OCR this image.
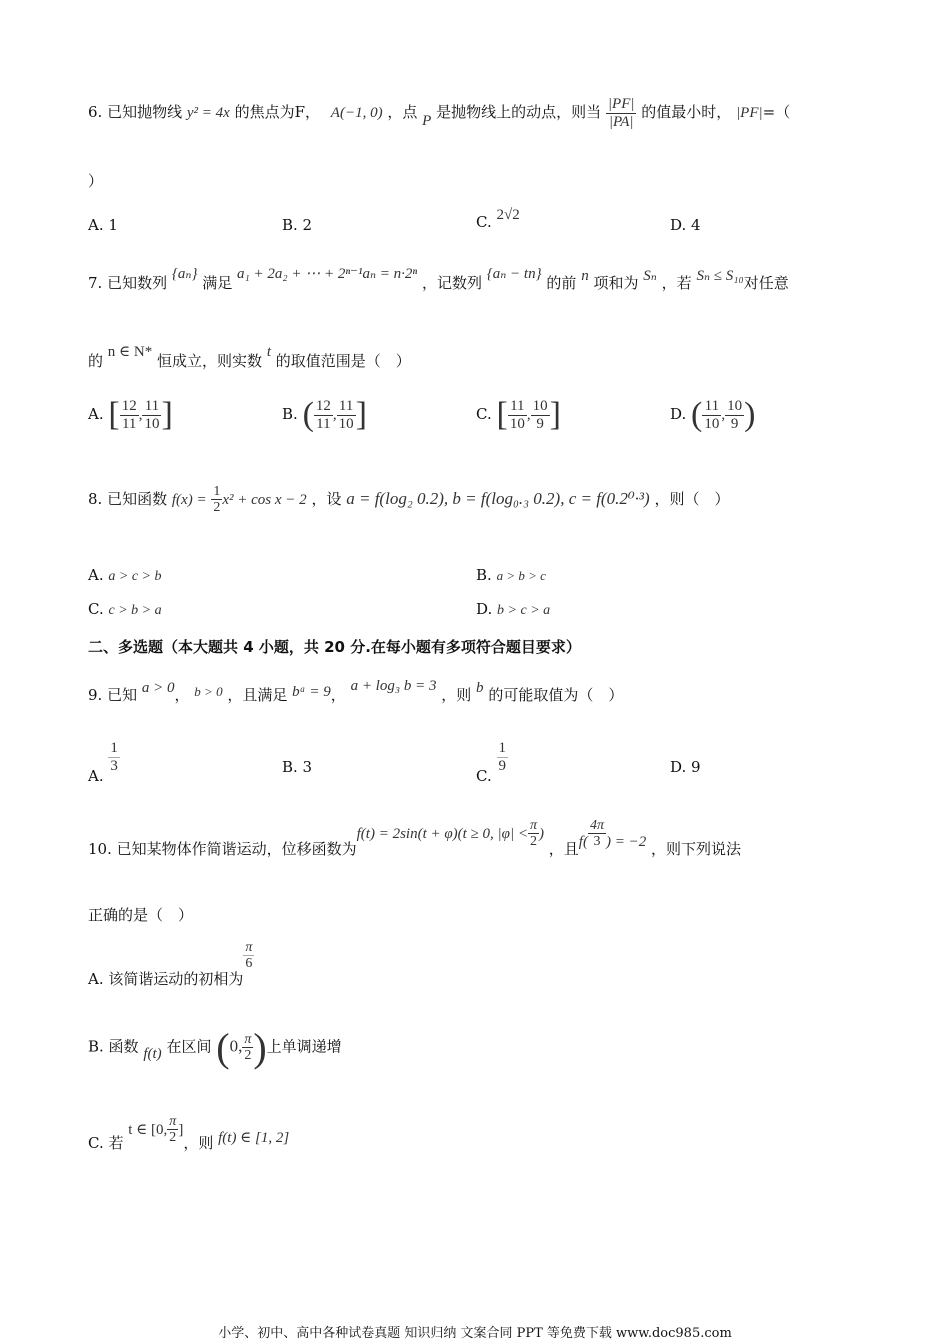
6. 已知抛物线 y² = 4x 的焦点为F， A(−1, 0) ，点 P 是抛物线上的动点，则当 $\frac{|PF|}{|PA|}$ 的值最小时， |PF|=（
）
A. 1	B. 2	C. 2√2
D. 4
7. 已知数列 {aₙ} 满足 a₁ + 2a₂ + ⋯ + 2ⁿ⁻¹aₙ = n·2ⁿ ，记数列 {aₙ − tn} 的前 n 项和为 Sₙ ，若 Sₙ ≤ S₁₀对任意
的 n ∈ N* 恒成立，则实数 t 的取值范围是（　）
A. [ $\frac{12}{11}$ , $\frac{11}{10}$ ]	B. ( $\frac{12}{11}$ , $\frac{11}{10}$ ]	C. [ $\frac{11}{10}$ , $\frac{10}{9}$ ]	D. ( $\frac{11}{10}$ , $\frac{10}{9}$ )
8. 已知函数 $f(x) = \frac{1}{2} x^2 + \cos x - 2$ ，设 a = f(log₂ 0.2), b = f(log₀.₃ 0.2), c = f(0.2⁰·³) ，则（　）
A. a > c > b	B. a > b > c
C. c > b > a	D. b > c > a
二、多选题（本大题共 4 小题，共 20 分.在每小题有多项符合题目要求）
9. 已知 a > 0， b > 0 ，且满足 bᵃ = 9， a + log₃ b = 3 ，则 b 的可能取值为（　）
A.
$\frac{1}{3}$	B. 3	C.
$\frac{1}{9}$	D. 9
10. 已知某物体作简谐运动，位移函数为f(t) = 2sin(t + φ)(t ≥ 0, $|\varphi| < \frac{\pi}{2}$ ) ，且$f( \frac{4\pi}{3}$ ) = −2 ，则下列说法
正确的是（　）
A. 该简谐运动的初相为
$\frac{\pi}{6}$
B. 函数 f(t) 在区间 (0, $\frac{\pi}{2}$ )上单调递增
C. 若 t ∈ [0, $\frac{\pi}{2}$ ]，则 f(t) ∈ [1, 2]
小学、初中、高中各种试卷真题 知识归纳 文案合同 PPT 等免费下载 www.doc985.com
